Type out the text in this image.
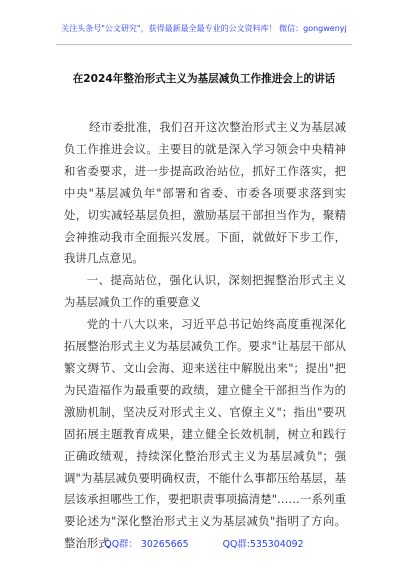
关注头条号"公文研究"，获得最新最全最专业的公文资料库！ 微信：gongwenyj
在2024年整治形式主义为基层减负工作推进会上的讲话

经市委批准，我们召开这次整治形式主义为基层减负工作推进会议。主要目的就是深入学习领会中央精神和省委要求，进一步提高政治站位，抓好工作落实，把中央"基层减负年"部署和省委、市委各项要求落到实处，切实减轻基层负担，激励基层干部担当作为，聚精会神推动我市全面振兴发展。下面，就做好下步工作，我讲几点意见。

一、提高站位，强化认识，深刻把握整治形式主义为基层减负工作的重要意义

党的十八大以来，习近平总书记始终高度重视深化拓展整治形式主义为基层减负工作。要求"让基层干部从繁文缛节、文山会海、迎来送往中解脱出来"；提出"把为民造福作为最重要的政绩，建立健全干部担当作为的激励机制，坚决反对形式主义、官僚主义"；指出"要巩固拓展主题教育成果，建立健全长效机制，树立和践行正确政绩观，持续深化整治形式主义为基层减负"；强调"为基层减负要明确权责，不能什么事都压给基层，基层该承担哪些工作，要把职责事项搞清楚"……一系列重要论述为"深化整治形式主义为基层减负"指明了方向。整治形式

QQ群： 30265665	QQ群:535304092
